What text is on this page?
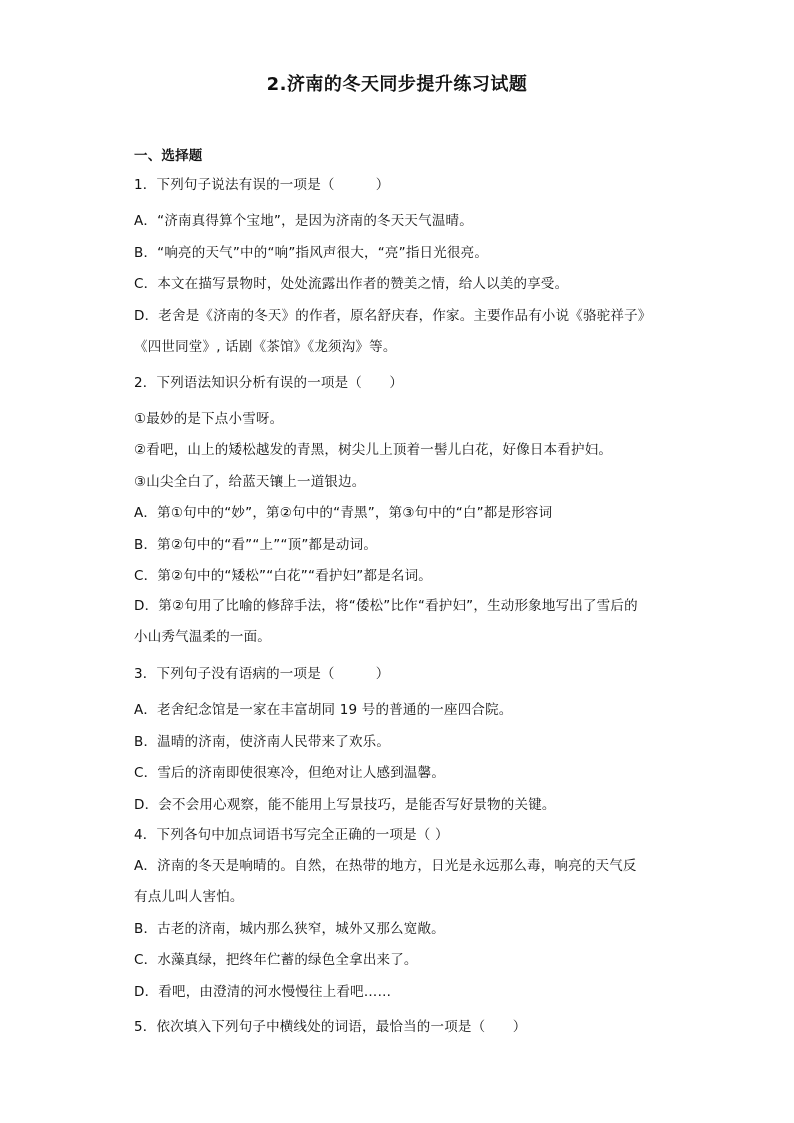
2.济南的冬天同步提升练习试题
一、选择题
1．下列句子说法有误的一项是（　　　）
A．“济南真得算个宝地”，是因为济南的冬天天气温晴。
B．“响亮的天气”中的“响”指风声很大，“亮”指日光很亮。
C．本文在描写景物时，处处流露出作者的赞美之情，给人以美的享受。
D．老舍是《济南的冬天》的作者，原名舒庆春，作家。主要作品有小说《骆驼祥子》
《四世同堂》, 话剧《茶馆》《龙须沟》等。
2．下列语法知识分析有误的一项是（　　）
①最妙的是下点小雪呀。
②看吧，山上的矮松越发的青黑，树尖儿上顶着一髻儿白花，好像日本看护妇。
③山尖全白了，给蓝天镶上一道银边。
A．第①句中的“妙”，第②句中的“青黑”，第③句中的“白”都是形容词
B．第②句中的“看”“上”“顶”都是动词。
C．第②句中的“矮松”“白花”“看护妇”都是名词。
D．第②句用了比喻的修辞手法，将“倭松”比作“看护妇”，生动形象地写出了雪后的
小山秀气温柔的一面。
3．下列句子没有语病的一项是（　　　）
A．老舍纪念馆是一家在丰富胡同 19 号的普通的一座四合院。
B．温晴的济南，使济南人民带来了欢乐。
C．雪后的济南即使很寒冷，但绝对让人感到温馨。
D．会不会用心观察，能不能用上写景技巧，是能否写好景物的关键。
4．下列各句中加点词语书写完全正确的一项是（ ）
A．济南的冬天是响晴的。自然，在热带的地方，日光是永远那么毒，响亮的天气反
有点儿叫人害怕。
B．古老的济南，城内那么狭窄，城外又那么宽敞。
C．水藻真绿，把终年伫蓄的绿色全拿出来了。
D．看吧，由澄清的河水慢慢往上看吧……
5．依次填入下列句子中横线处的词语，最恰当的一项是（　　）
